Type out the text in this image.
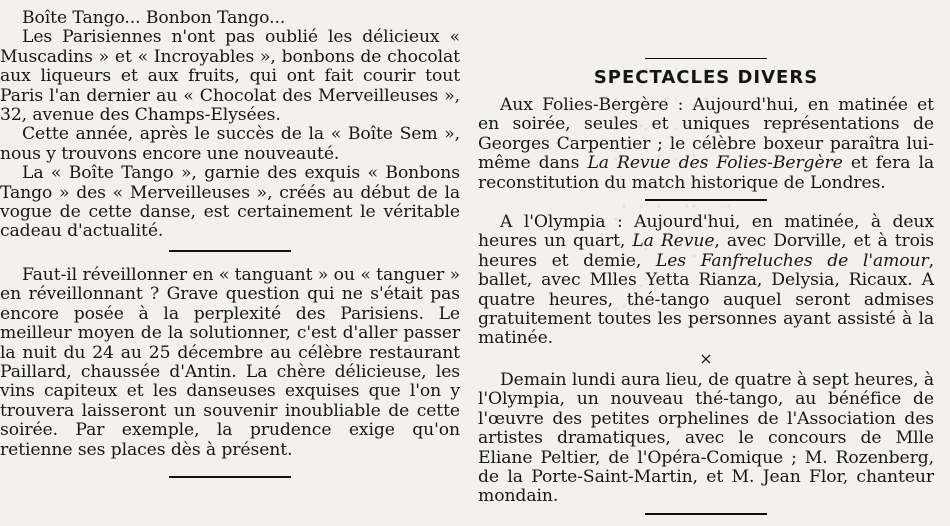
Boîte Tango... Bonbon Tango...

Les Parisiennes n'ont pas oublié les délicieux « Muscadins » et « Incroyables », bonbons de chocolat aux liqueurs et aux fruits, qui ont fait courir tout Paris l'an dernier au « Chocolat des Merveilleuses », 32, avenue des Champs-Elysées.

Cette année, après le succès de la « Boîte Sem », nous y trouvons encore une nouveauté.

La « Boîte Tango », garnie des exquis « Bonbons Tango » des « Merveilleuses », créés au début de la vogue de cette danse, est certainement le véritable cadeau d'actualité.

Faut-il réveillonner en « tanguant » ou « tanguer » en réveillonnant ? Grave question qui ne s'était pas encore posée à la perplexité des Parisiens. Le meilleur moyen de la solutionner, c'est d'aller passer la nuit du 24 au 25 décembre au célèbre restaurant Paillard, chaussée d'Antin. La chère délicieuse, les vins capiteux et les danseuses exquises que l'on y trouvera laisseront un souvenir inoubliable de cette soirée. Par exemple, la prudence exige qu'on retienne ses places dès à présent.

SPECTACLES DIVERS

Aux Folies-Bergère : Aujourd'hui, en matinée et en soirée, seules et uniques représentations de Georges Carpentier ; le célèbre boxeur paraîtra lui-même dans La Revue des Folies-Bergère et fera la reconstitution du match historique de Londres.

A l'Olympia : Aujourd'hui, en matinée, à deux heures un quart, La Revue, avec Dorville, et à trois heures et demie, Les Fanfreluches de l'amour, ballet, avec Mlles Yetta Rianza, Delysia, Ricaux. A quatre heures, thé-tango auquel seront admises gratuitement toutes les personnes ayant assisté à la matinée.

×

Demain lundi aura lieu, de quatre à sept heures, à l'Olympia, un nouveau thé-tango, au bénéfice de l'œuvre des petites orphelines de l'Association des artistes dramatiques, avec le concours de Mlle Eliane Peltier, de l'Opéra-Comique ; M. Rozenberg, de la Porte-Saint-Martin, et M. Jean Flor, chanteur mondain.
